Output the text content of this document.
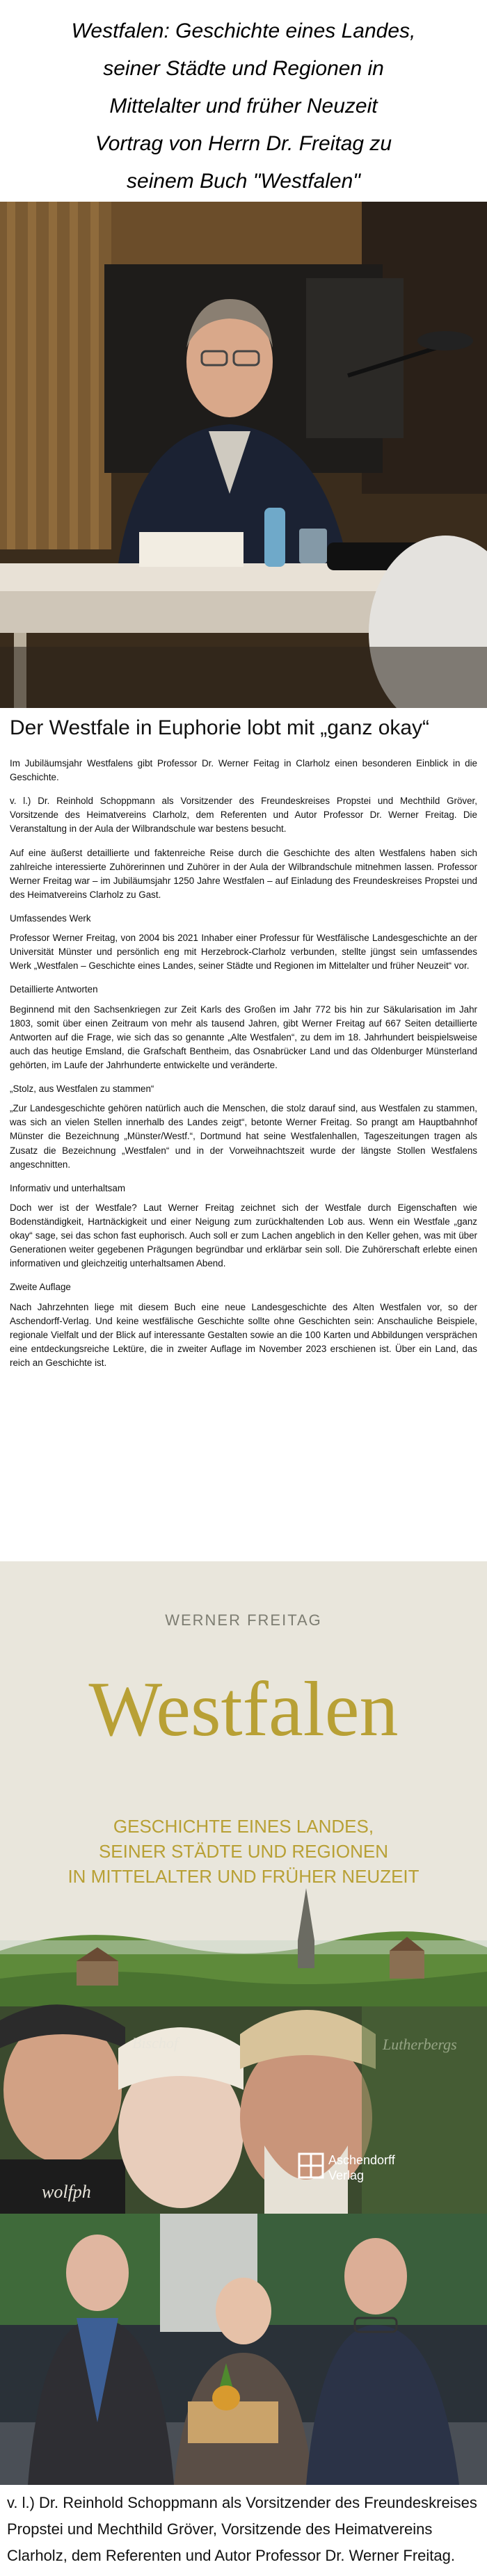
Westfalen: Geschichte eines Landes,
seiner Städte und Regionen in
Mittelalter und früher Neuzeit
Vortrag von Herrn Dr. Freitag zu
seinem Buch "Westfalen"
Der Westfale in Euphorie lobt mit „ganz okay“

Im Jubiläumsjahr Westfalens gibt Professor Dr. Werner Feitag in Clarholz einen besonderen Einblick in die Geschichte.

v. l.) Dr. Reinhold Schoppmann als Vorsitzender des Freundeskreises Propstei und Mechthild Gröver, Vorsitzende des Heimatvereins Clarholz, dem Referenten und Autor Professor Dr. Werner Freitag. Die Veranstaltung in der Aula der Wilbrandschule war bestens besucht.

Auf eine äußerst detaillierte und faktenreiche Reise durch die Geschichte des alten Westfalens haben sich zahlreiche interessierte Zuhörerinnen und Zuhörer in der Aula der Wilbrandschule mitnehmen lassen. Professor Werner Freitag war – im Jubiläumsjahr 1250 Jahre Westfalen – auf Einladung des Freundeskreises Propstei und des Heimatvereins Clarholz zu Gast.

Umfassendes Werk

Professor Werner Freitag, von 2004 bis 2021 Inhaber einer Professur für Westfälische Landesgeschichte an der Universität Münster und persönlich eng mit Herzebrock-Clarholz verbunden, stellte jüngst sein umfassendes Werk „Westfalen – Geschichte eines Landes, seiner Städte und Regionen im Mittelalter und früher Neuzeit“ vor.

Detaillierte Antworten

Beginnend mit den Sachsenkriegen zur Zeit Karls des Großen im Jahr 772 bis hin zur Säkularisation im Jahr 1803, somit über einen Zeitraum von mehr als tausend Jahren, gibt Werner Freitag auf 667 Seiten detaillierte Antworten auf die Frage, wie sich das so genannte „Alte Westfalen“, zu dem im 18. Jahrhundert beispielsweise auch das heutige Emsland, die Grafschaft Bentheim, das Osnabrücker Land und das Oldenburger Münsterland gehörten, im Laufe der Jahrhunderte entwickelte und veränderte.

„Stolz, aus Westfalen zu stammen“

„Zur Landesgeschichte gehören natürlich auch die Menschen, die stolz darauf sind, aus Westfalen zu stammen, was sich an vielen Stellen innerhalb des Landes zeigt“, betonte Werner Freitag. So prangt am Hauptbahnhof Münster die Bezeichnung „Münster/Westf.“, Dortmund hat seine Westfalenhallen, Tageszeitungen tragen als Zusatz die Bezeichnung „Westfalen“ und in der Vorweihnachtszeit wurde der längste Stollen Westfalens angeschnitten.

Informativ und unterhaltsam

Doch wer ist der Westfale? Laut Werner Freitag zeichnet sich der Westfale durch Eigenschaften wie Bodenständigkeit, Hartnäckigkeit und einer Neigung zum zurückhaltenden Lob aus. Wenn ein Westfale „ganz okay“ sage, sei das schon fast euphorisch. Auch soll er zum Lachen angeblich in den Keller gehen, was mit über Generationen weiter gegebenen Prägungen begründbar und erklärbar sein soll. Die Zuhörerschaft erlebte einen informativen und gleichzeitig unterhaltsamen Abend.

Zweite Auflage

Nach Jahrzehnten liege mit diesem Buch eine neue Landesgeschichte des Alten Westfalen vor, so der Aschendorff-Verlag. Und keine westfälische Geschichte sollte ohne Geschichten sein: Anschauliche Beispiele, regionale Vielfalt und der Blick auf interessante Gestalten sowie an die 100 Karten und Abbildungen versprächen eine entdeckungsreiche Lektüre, die in zweiter Auflage im November 2023 erschienen ist. Über ein Land, das reich an Geschichte ist.

WERNER FREITAG
Westfalen
GESCHICHTE EINES LANDES,
SEINER STÄDTE UND REGIONEN
IN MITTELALTER UND FRÜHER NEUZEIT
wolfph
Bischof
Aschendorff
Verlag
v. l.) Dr. Reinhold Schoppmann als Vorsitzender des Freundeskreises Propstei und Mechthild Gröver, Vorsitzende des Heimatvereins Clarholz, dem Referenten und Autor Professor Dr. Werner Freitag.
